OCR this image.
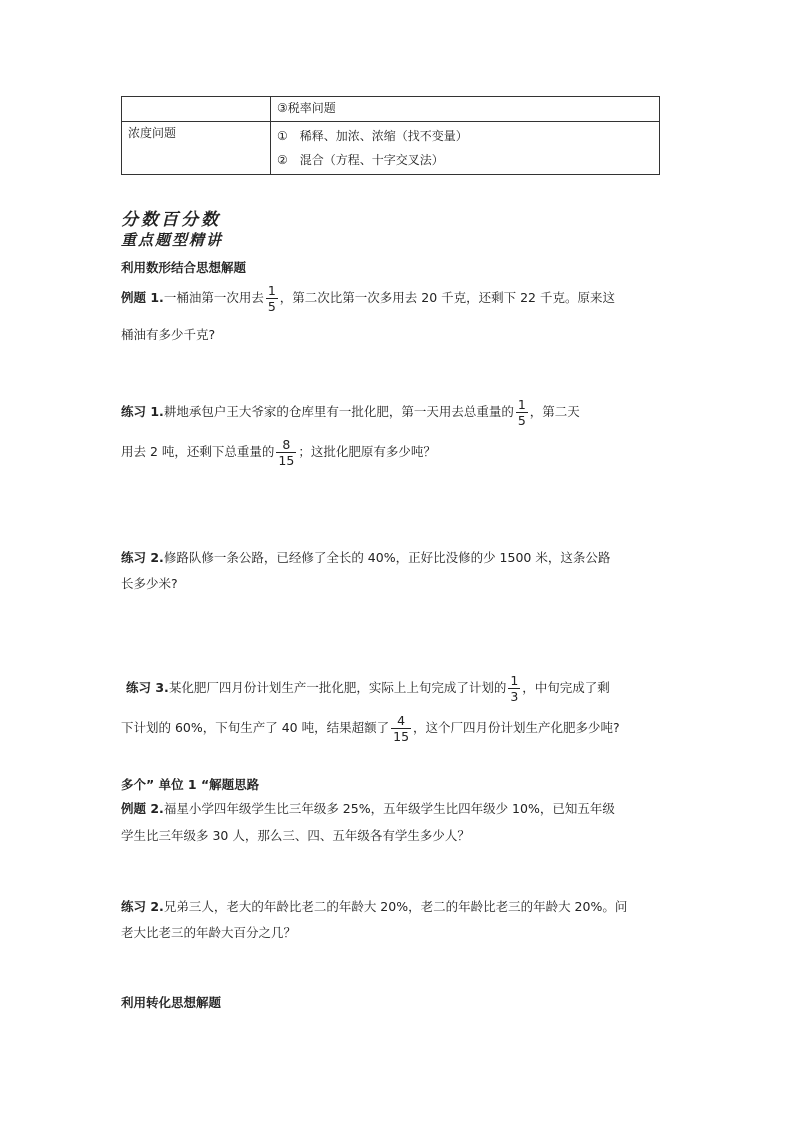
	③税率问题
浓度问题	①　稀释、加浓、浓缩（找不变量）
②　混合（方程、十字交叉法）
分数百分数
重点题型精讲
利用数形结合思想解题
例题 1.一桶油第一次用去 $\frac{1}{5}$ ，第二次比第一次多用去 20 千克，还剩下 22 千克。原来这
桶油有多少千克?
练习 1.耕地承包户王大爷家的仓库里有一批化肥，第一天用去总重量的 $\frac{1}{5}$ ，第二天
用去 2 吨，还剩下总重量的 $\frac{8}{15}$ ；这批化肥原有多少吨？
练习 2.修路队修一条公路，已经修了全长的 40%，正好比没修的少 1500 米，这条公路
长多少米?
练习 3.某化肥厂四月份计划生产一批化肥，实际上上旬完成了计划的 $\frac{1}{3}$ ，中旬完成了剩
下计划的 60%，下旬生产了 40 吨，结果超额了 $\frac{4}{15}$ ，这个厂四月份计划生产化肥多少吨?
多个” 单位 1 “解题思路
例题 2.福星小学四年级学生比三年级多 25%，五年级学生比四年级少 10%，已知五年级
学生比三年级多 30 人，那么三、四、五年级各有学生多少人？
练习 2.兄弟三人，老大的年龄比老二的年龄大 20%，老二的年龄比老三的年龄大 20%。问
老大比老三的年龄大百分之几？
利用转化思想解题
